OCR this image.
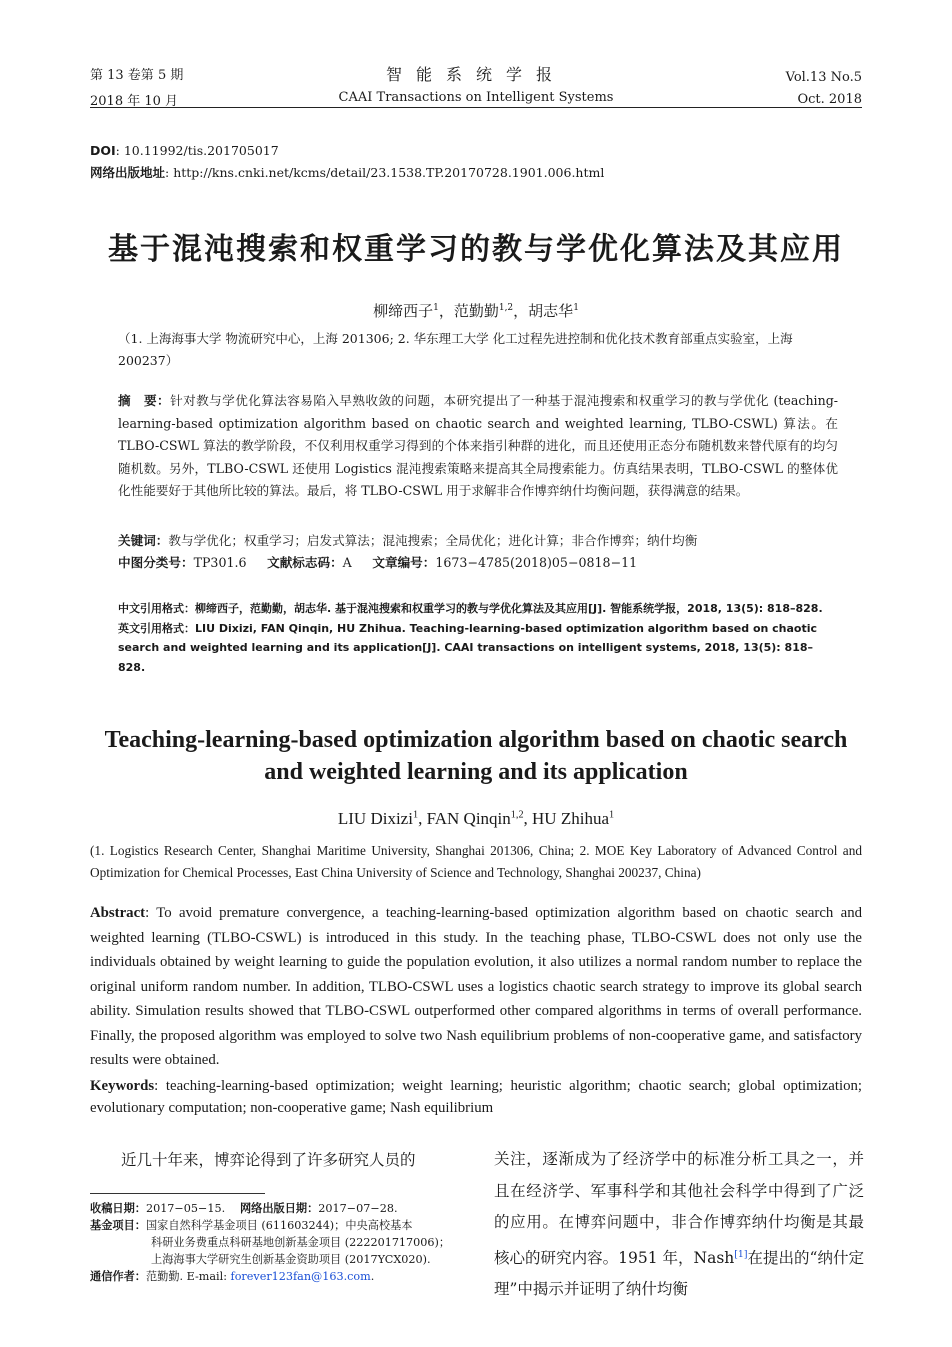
第 13 卷第 5 期
2018 年 10 月
智能系统学报
CAAI Transactions on Intelligent Systems
Vol.13 No.5
Oct. 2018
DOI: 10.11992/tis.201705017
网络出版地址: http://kns.cnki.net/kcms/detail/23.1538.TP.20170728.1901.006.html
基于混沌搜索和权重学习的教与学优化算法及其应用
柳缔西子$^1$，范勤勤$^{1,2}$，胡志华$^1$
（1. 上海海事大学 物流研究中心，上海 201306; 2. 华东理工大学 化工过程先进控制和优化技术教育部重点实验室，上海 200237）
摘　要：针对教与学优化算法容易陷入早熟收敛的问题，本研究提出了一种基于混沌搜索和权重学习的教与学优化 (teaching-learning-based optimization algorithm based on chaotic search and weighted learning, TLBO-CSWL) 算法。在 TLBO-CSWL 算法的教学阶段，不仅利用权重学习得到的个体来指引种群的进化，而且还使用正态分布随机数来替代原有的均匀随机数。另外，TLBO-CSWL 还使用 Logistics 混沌搜索策略来提高其全局搜索能力。仿真结果表明，TLBO-CSWL 的整体优化性能要好于其他所比较的算法。最后，将 TLBO-CSWL 用于求解非合作博弈纳什均衡问题，获得满意的结果。
关键词：教与学优化；权重学习；启发式算法；混沌搜索；全局优化；进化计算；非合作博弈；纳什均衡
中图分类号：TP301.6   文献标志码：A   文章编号：1673−4785(2018)05−0818−11
中文引用格式：柳缔西子，范勤勤，胡志华. 基于混沌搜索和权重学习的教与学优化算法及其应用[J]. 智能系统学报，2018, 13(5): 818–828.
英文引用格式：LIU Dixizi, FAN Qinqin, HU Zhihua. Teaching-learning-based optimization algorithm based on chaotic search and weighted learning and its application[J]. CAAI transactions on intelligent systems, 2018, 13(5): 818–828.
Teaching-learning-based optimization algorithm based on chaotic search
and weighted learning and its application
LIU Dixizi$^1$, FAN Qinqin$^{1,2}$, HU Zhihua$^1$
(1. Logistics Research Center, Shanghai Maritime University, Shanghai 201306, China; 2. MOE Key Laboratory of Advanced Control and Optimization for Chemical Processes, East China University of Science and Technology, Shanghai 200237, China)
Abstract: To avoid premature convergence, a teaching-learning-based optimization algorithm based on chaotic search and weighted learning (TLBO-CSWL) is introduced in this study. In the teaching phase, TLBO-CSWL does not only use the individuals obtained by weight learning to guide the population evolution, it also utilizes a normal random number to replace the original uniform random number. In addition, TLBO-CSWL uses a logistics chaotic search strategy to improve its global search ability. Simulation results showed that TLBO-CSWL outperformed other compared algorithms in terms of overall performance. Finally, the proposed algorithm was employed to solve two Nash equilibrium problems of non-cooperative game, and satisfactory results were obtained.
Keywords: teaching-learning-based optimization; weight learning; heuristic algorithm; chaotic search; global optimization; evolutionary computation; non-cooperative game; Nash equilibrium
近几十年来，博弈论得到了许多研究人员的
收稿日期：2017−05−15.  网络出版日期：2017−07−28.
基金项目：国家自然科学基金项目 (611603244)；中央高校基本
科研业务费重点科研基地创新基金项目 (222201717006)；
上海海事大学研究生创新基金资助项目 (2017YCX020).
通信作者：范勤勤. E-mail: forever123fan@163.com.
关注，逐渐成为了经济学中的标准分析工具之一，并且在经济学、军事科学和其他社会科学中得到了广泛的应用。在博弈问题中，非合作博弈纳什均衡是其最核心的研究内容。1951 年，Nash[1]在提出的“纳什定理”中揭示并证明了纳什均衡
